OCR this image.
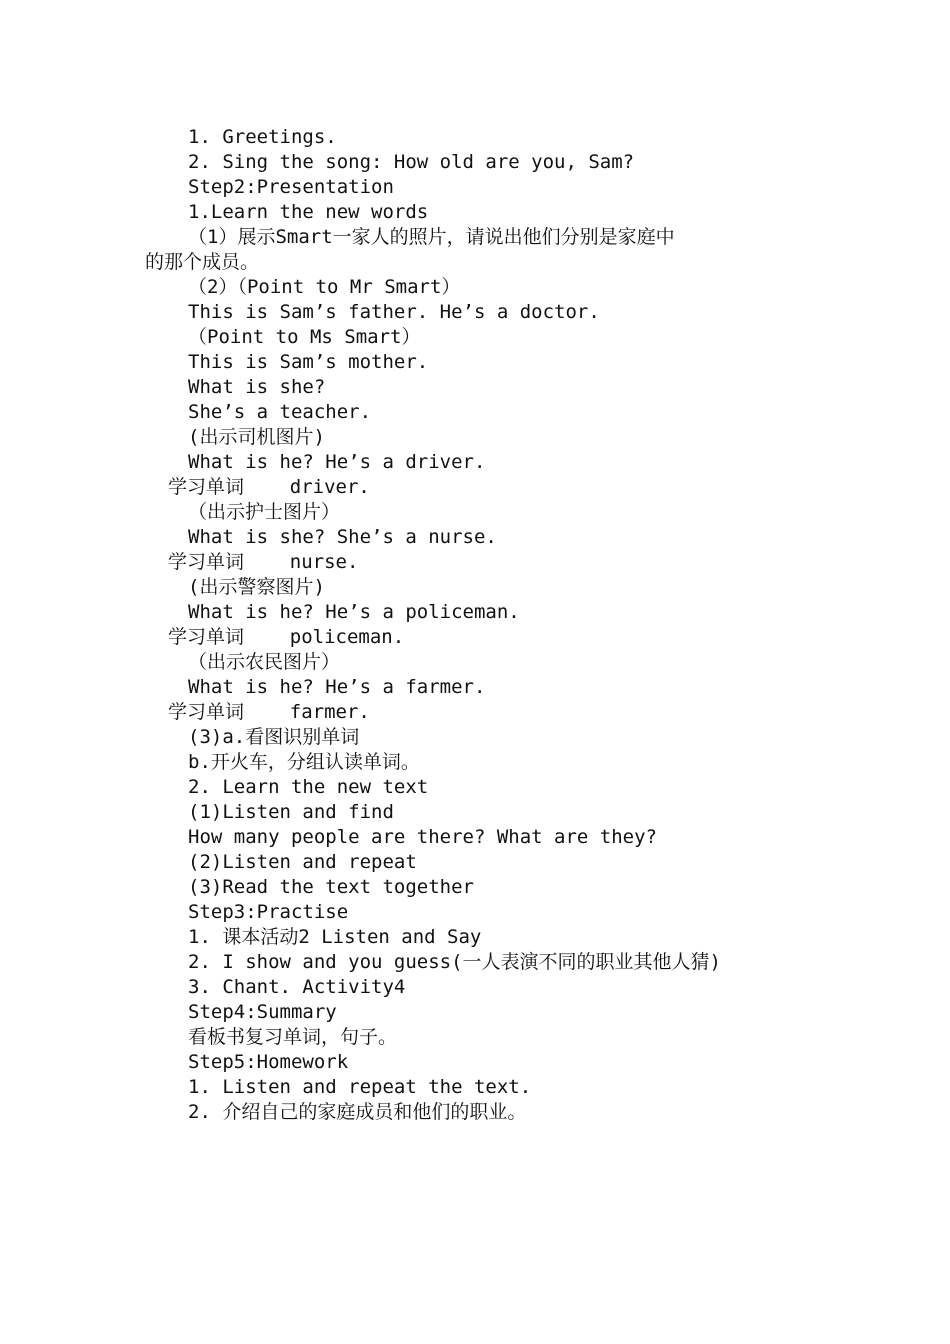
1. Greetings.
2. Sing the song: How old are you, Sam?
Step2:Presentation
1.Learn the new words
（1）展示Smart一家人的照片，请说出他们分别是家庭中
的那个成员。
（2）（Point to Mr Smart）
This is Sam’s father. He’s a doctor.
（Point to Ms Smart）
This is Sam’s mother.
What is she?
She’s a teacher.
(出示司机图片)
What is he? He’s a driver.
学习单词    driver.
（出示护士图片）
What is she? She’s a nurse.
学习单词    nurse.
(出示警察图片)
What is he? He’s a policeman.
学习单词    policeman.
（出示农民图片）
What is he? He’s a farmer.
学习单词    farmer.
(3)a.看图识别单词
b.开火车，分组认读单词。
2. Learn the new text
(1)Listen and find
How many people are there? What are they?
(2)Listen and repeat
(3)Read the text together
Step3:Practise
1. 课本活动2 Listen and Say
2. I show and you guess(一人表演不同的职业其他人猜)
3. Chant. Activity4
Step4:Summary
看板书复习单词，句子。
Step5:Homework
1. Listen and repeat the text.
2. 介绍自己的家庭成员和他们的职业。
